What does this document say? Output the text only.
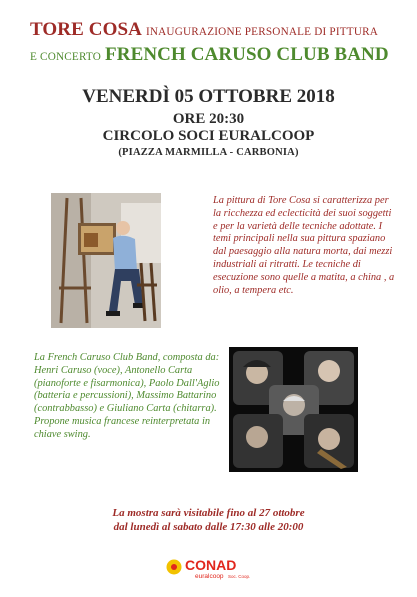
TORE COSA INAUGURAZIONE PERSONALE DI PITTURA
E CONCERTO FRENCH CARUSO CLUB BAND
VENERDÌ 05 OTTOBRE 2018
ORE 20:30
CIRCOLO SOCI EURALCOOP
(PIAZZA MARMILLA - CARBONIA)
La pittura di Tore Cosa si caratterizza per la ricchezza ed eclecticità dei suoi soggetti e per la varietà delle tecniche adottate. I temi principali nella sua pittura spaziano dal paesaggio alla natura morta, dai mezzi industriali ai ritratti. Le tecniche di esecuzione sono quelle a matita, a china , a olio, a tempera etc.
La French Caruso Club Band, composta da: Henri Caruso (voce), Antonello Carta (pianoforte e fisarmonica), Paolo Dall'Aglio (batteria e percussioni), Massimo Battarino (contrabbasso) e Giuliano Carta (chitarra). Propone musica francese reinterpretata in chiave swing.
La mostra sarà visitabile fino al 27 ottobre
dal lunedì al sabato dalle 17:30 alle 20:00
CONAD
euralcoop Soc. Coop.
